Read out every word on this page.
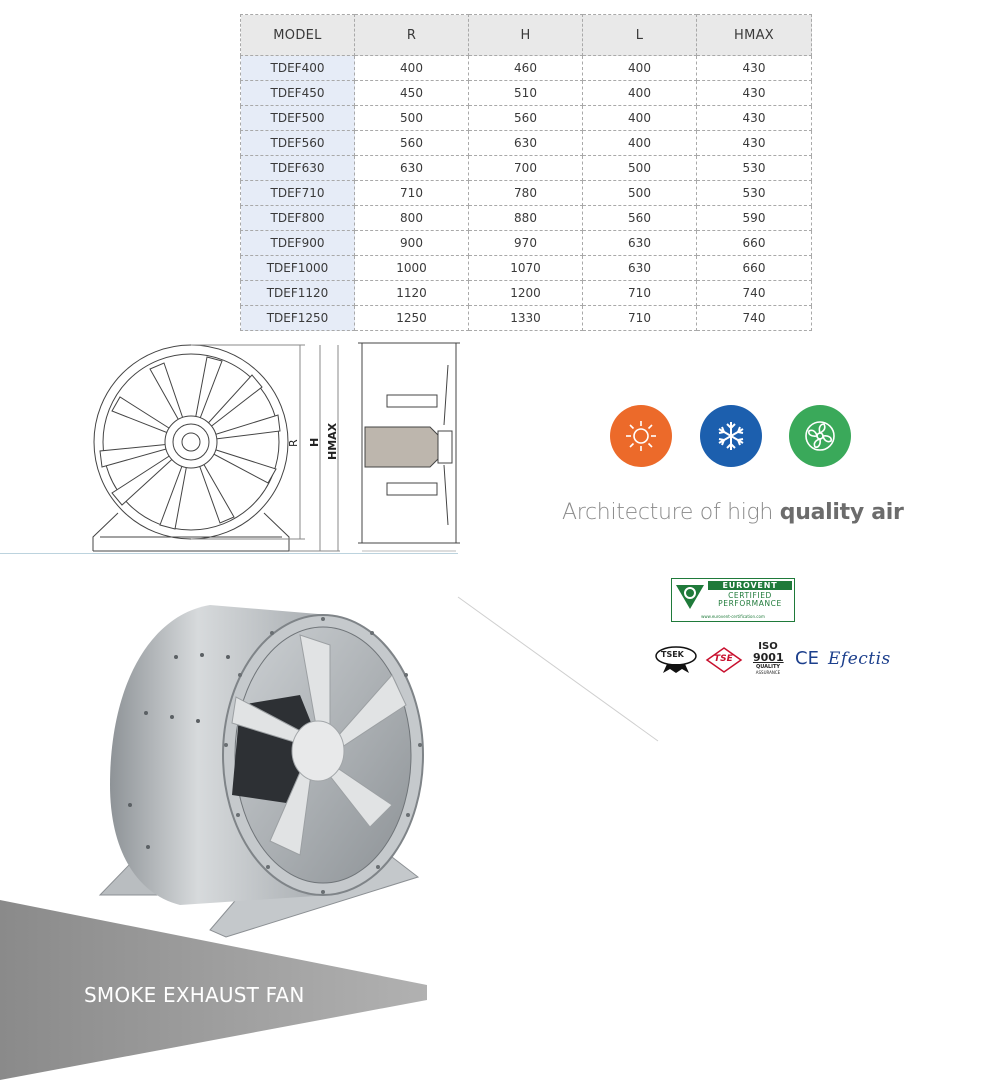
MODEL	R	H	L	HMAX
TDEF400	400	460	400	430
TDEF450	450	510	400	430
TDEF500	500	560	400	430
TDEF560	560	630	400	430
TDEF630	630	700	500	530
TDEF710	710	780	500	530
TDEF800	800	880	560	590
TDEF900	900	970	630	660
TDEF1000	1000	1070	630	660
TDEF1120	1120	1200	710	740
TDEF1250	1250	1330	710	740
R H HMAX
Architecture of high quality air
EUROVENT
CERTIFIED
PERFORMANCE
www.eurovent-certification.com
TSEK	TSE
ISO
9001
QUALITY
ASSURANCE
CE Efectis
SMOKE EXHAUST FAN
